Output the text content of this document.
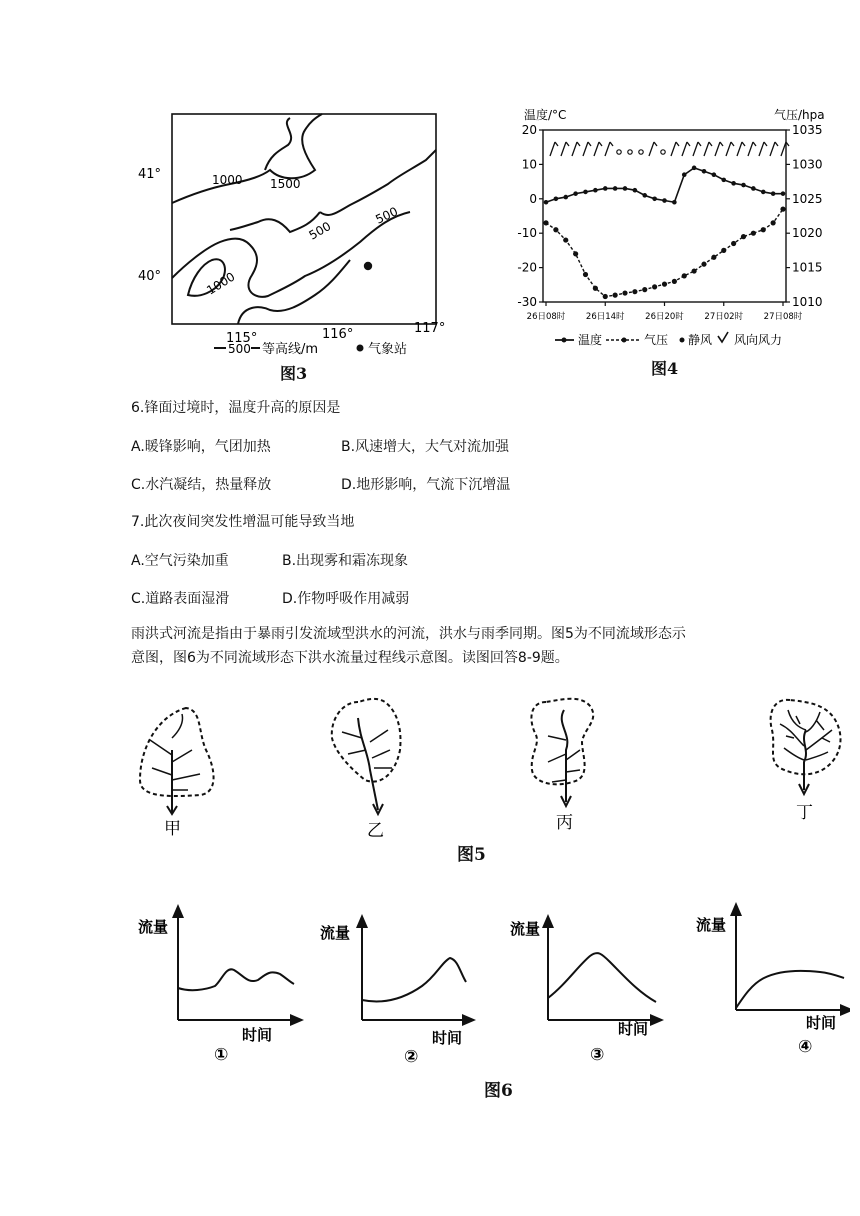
1000 1500
500
500
1000
41°
40°
115°	116°	117°
500 等高线/m	气象站
图3
温度/°C	气压/hpa
20
10
0
-10
-20
-30
1035
1030
1025
1020
1015
1010
26日08时 26日14时 26日20时 27日02时 27日08时
温度	气压 静风 风向风力
图4
6.锋面过境时，温度升高的原因是
A.暖锋影响，气团加热	B.风速增大，大气对流加强
C.水汽凝结，热量释放	D.地形影响，气流下沉增温
7.此次夜间突发性增温可能导致当地
A.空气污染加重	B.出现雾和霜冻现象
C.道路表面湿滑	D.作物呼吸作用减弱
雨洪式河流是指由于暴雨引发流域型洪水的河流，洪水与雨季同期。图5为不同流域形态示
意图，图6为不同流域形态下洪水流量过程线示意图。读图回答8-9题。
甲	乙	丙	丁
图5
流量
时间
①
流量
时间
②
流量
时间
③
流量
时间
④
图6
